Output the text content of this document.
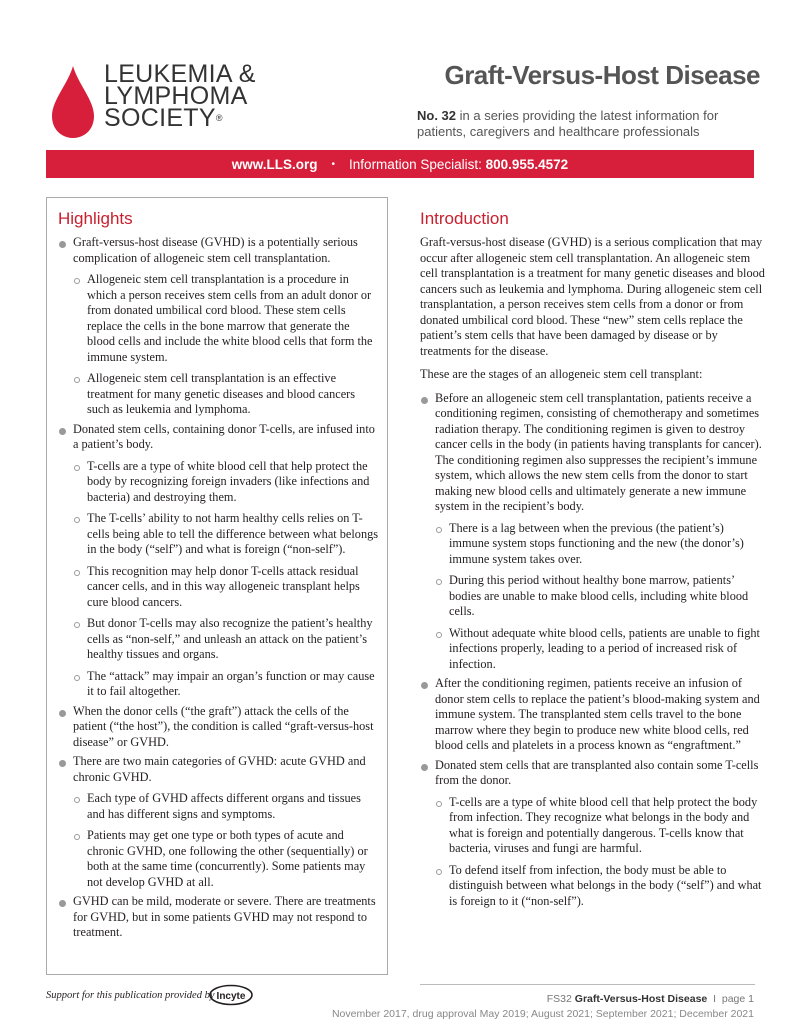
LEUKEMIA &
LYMPHOMA
SOCIETY®
Graft-Versus-Host Disease
No. 32 in a series providing the latest information for patients, caregivers and healthcare professionals
www.LLS.org	• Information Specialist: 800.955.4572
Highlights
Graft-versus-host disease (GVHD) is a potentially serious complication of allogeneic stem cell transplantation.
Allogeneic stem cell transplantation is a procedure in which a person receives stem cells from an adult donor or from donated umbilical cord blood. These stem cells replace the cells in the bone marrow that generate the blood cells and include the white blood cells that form the immune system.
Allogeneic stem cell transplantation is an effective treatment for many genetic diseases and blood cancers such as leukemia and lymphoma.
Donated stem cells, containing donor T-cells, are infused into a patient’s body.
T-cells are a type of white blood cell that help protect the body by recognizing foreign invaders (like infections and bacteria) and destroying them.
The T-cells’ ability to not harm healthy cells relies on T-cells being able to tell the difference between what belongs in the body (“self”) and what is foreign (“non-self”).
This recognition may help donor T-cells attack residual cancer cells, and in this way allogeneic transplant helps cure blood cancers.
But donor T-cells may also recognize the patient’s healthy cells as “non-self,” and unleash an attack on the patient’s healthy tissues and organs.
The “attack” may impair an organ’s function or may cause it to fail altogether.
When the donor cells (“the graft”) attack the cells of the patient (“the host”), the condition is called “graft-versus-host disease” or GVHD.
There are two main categories of GVHD: acute GVHD and chronic GVHD.
Each type of GVHD affects different organs and tissues and has different signs and symptoms.
Patients may get one type or both types of acute and chronic GVHD, one following the other (sequentially) or both at the same time (concurrently). Some patients may not develop GVHD at all.
GVHD can be mild, moderate or severe. There are treatments for GVHD, but in some patients GVHD may not respond to treatment.
Introduction

Graft-versus-host disease (GVHD) is a serious complication that may occur after allogeneic stem cell transplantation. An allogeneic stem cell transplantation is a treatment for many genetic diseases and blood cancers such as leukemia and lymphoma. During allogeneic stem cell transplantation, a person receives stem cells from a donor or from donated umbilical cord blood. These “new” stem cells replace the patient’s stem cells that have been damaged by disease or by treatments for the disease.

These are the stages of an allogeneic stem cell transplant:

Before an allogeneic stem cell transplantation, patients receive a conditioning regimen, consisting of chemotherapy and sometimes radiation therapy. The conditioning regimen is given to destroy cancer cells in the body (in patients having transplants for cancer). The conditioning regimen also suppresses the recipient’s immune system, which allows the new stem cells from the donor to start making new blood cells and ultimately generate a new immune system in the recipient’s body.
There is a lag between when the previous (the patient’s) immune system stops functioning and the new (the donor’s) immune system takes over.
During this period without healthy bone marrow, patients’ bodies are unable to make blood cells, including white blood cells.
Without adequate white blood cells, patients are unable to fight infections properly, leading to a period of increased risk of infection.
After the conditioning regimen, patients receive an infusion of donor stem cells to replace the patient’s blood-making system and immune system. The transplanted stem cells travel to the bone marrow where they begin to produce new white blood cells, red blood cells and platelets in a process known as “engraftment.”
Donated stem cells that are transplanted also contain some T-cells from the donor.
T-cells are a type of white blood cell that help protect the body from infection. They recognize what belongs in the body and what is foreign and potentially dangerous. T-cells know that bacteria, viruses and fungi are harmful.
To defend itself from infection, the body must be able to distinguish between what belongs in the body (“self”) and what is foreign to it (“non-self”).
Support for this publication provided by Incyte	FS32 Graft-Versus-Host Disease I page 1
November 2017, drug approval May 2019; August 2021; September 2021; December 2021
